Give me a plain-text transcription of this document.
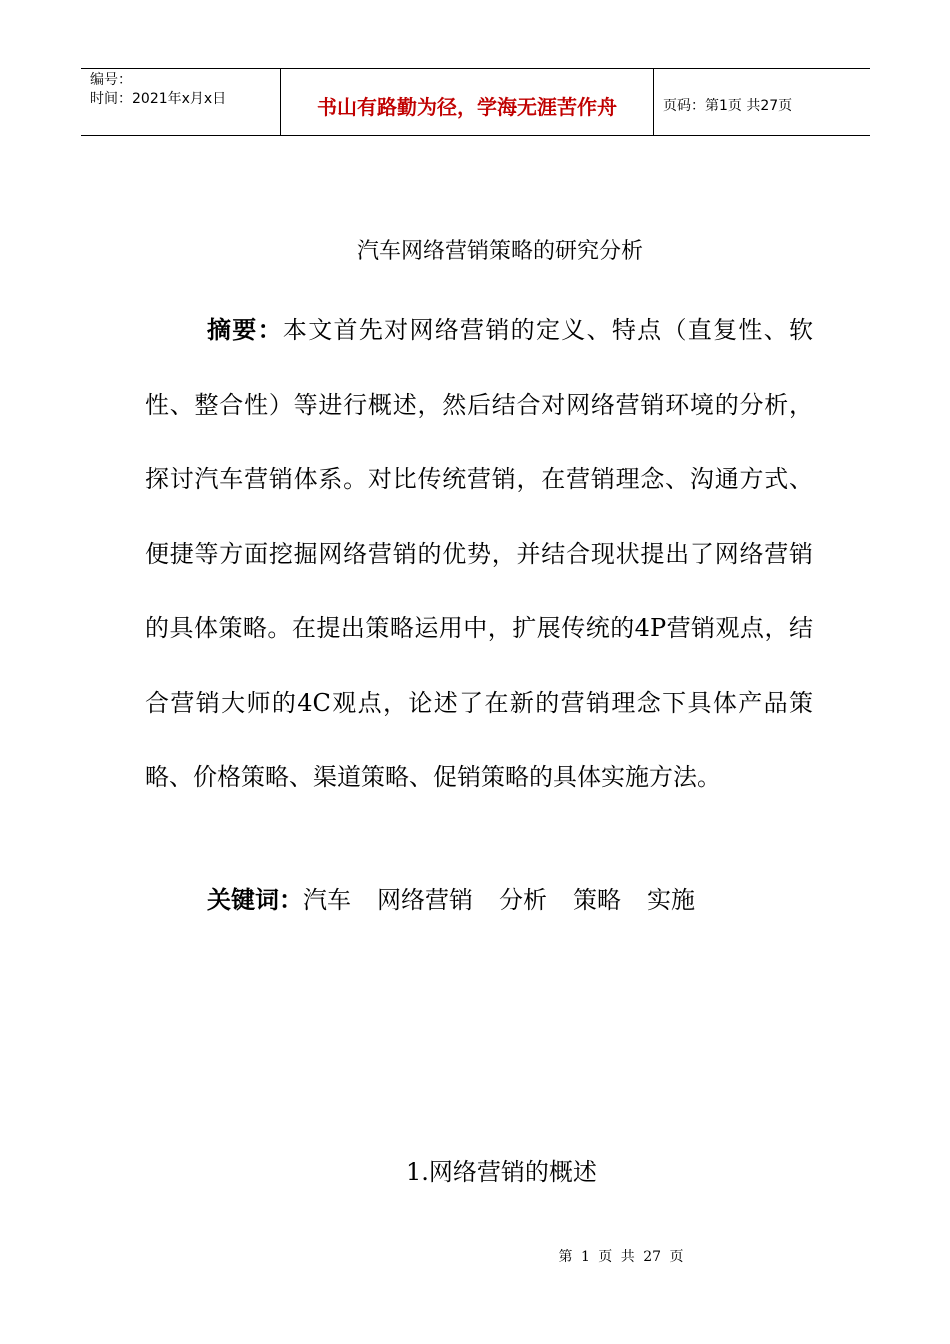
编号：
时间：2021年x月x日	书山有路勤为径，学海无涯苦作舟	页码：第1页 共27页
汽车网络营销策略的研究分析

摘要：本文首先对网络营销的定义、特点（直复性、软性、整合性）等进行概述，然后结合对网络营销环境的分析，探讨汽车营销体系。对比传统营销，在营销理念、沟通方式、便捷等方面挖掘网络营销的优势，并结合现状提出了网络营销的具体策略。在提出策略运用中，扩展传统的4P营销观点，结合营销大师的4C观点，论述了在新的营销理念下具体产品策略、价格策略、渠道策略、促销策略的具体实施方法。

关键词：汽车 网络营销 分析 策略 实施
1.网络营销的概述
第 1 页 共 27 页
